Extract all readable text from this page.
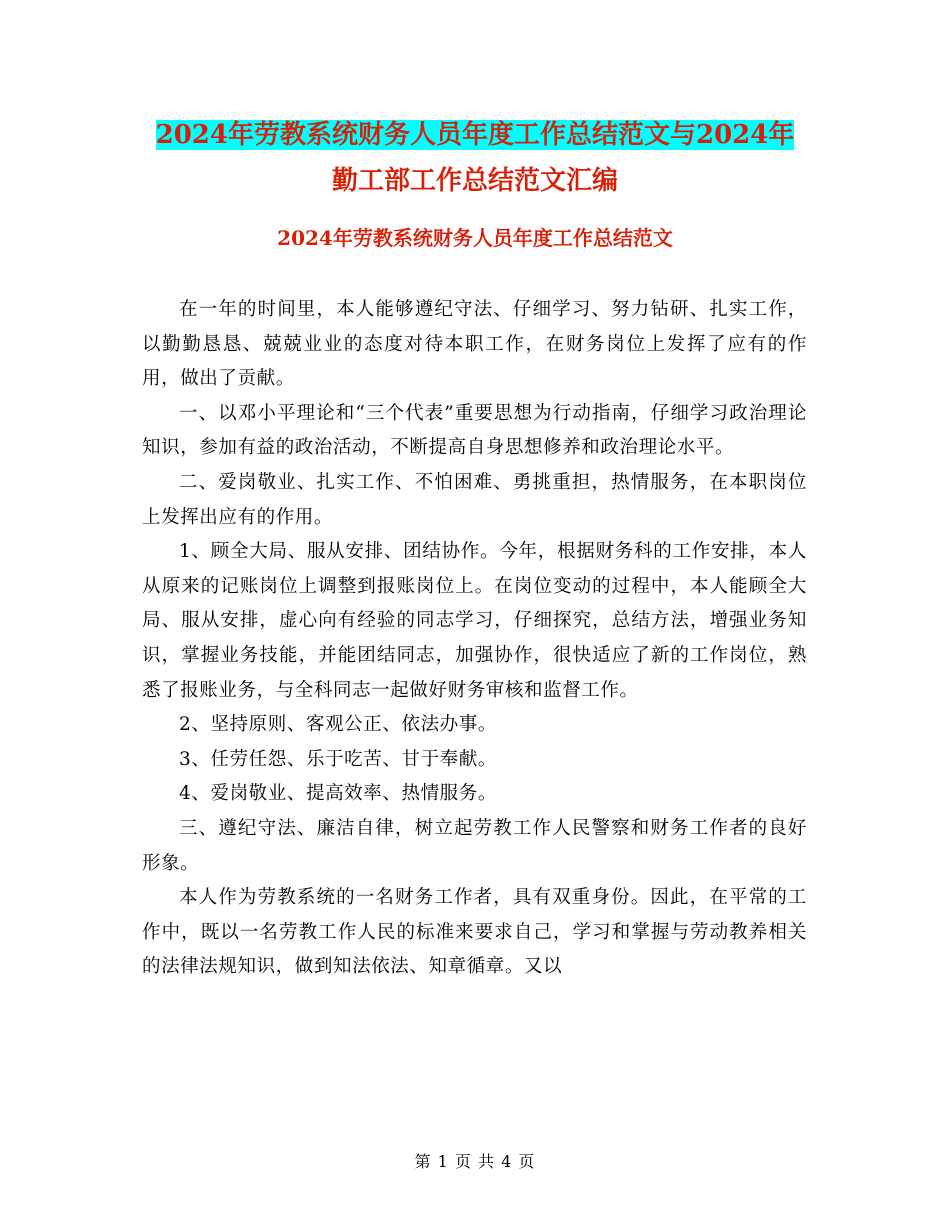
2024年劳教系统财务人员年度工作总结范文与2024年
勤工部工作总结范文汇编
2024年劳教系统财务人员年度工作总结范文

在一年的时间里，本人能够遵纪守法、仔细学习、努力钻研、扎实工作，以勤勤恳恳、兢兢业业的态度对待本职工作，在财务岗位上发挥了应有的作用，做出了贡献。

一、以邓小平理论和“三个代表”重要思想为行动指南，仔细学习政治理论知识，参加有益的政治活动，不断提高自身思想修养和政治理论水平。

二、爱岗敬业、扎实工作、不怕困难、勇挑重担，热情服务，在本职岗位上发挥出应有的作用。

1、顾全大局、服从安排、团结协作。今年，根据财务科的工作安排，本人从原来的记账岗位上调整到报账岗位上。在岗位变动的过程中，本人能顾全大局、服从安排，虚心向有经验的同志学习，仔细探究，总结方法，增强业务知识，掌握业务技能，并能团结同志，加强协作，很快适应了新的工作岗位，熟悉了报账业务，与全科同志一起做好财务审核和监督工作。

2、坚持原则、客观公正、依法办事。

3、任劳任怨、乐于吃苦、甘于奉献。

4、爱岗敬业、提高效率、热情服务。

三、遵纪守法、廉洁自律，树立起劳教工作人民警察和财务工作者的良好形象。

本人作为劳教系统的一名财务工作者，具有双重身份。因此，在平常的工作中，既以一名劳教工作人民的标准来要求自己，学习和掌握与劳动教养相关的法律法规知识，做到知法依法、知章循章。又以

第 1 页 共 4 页
